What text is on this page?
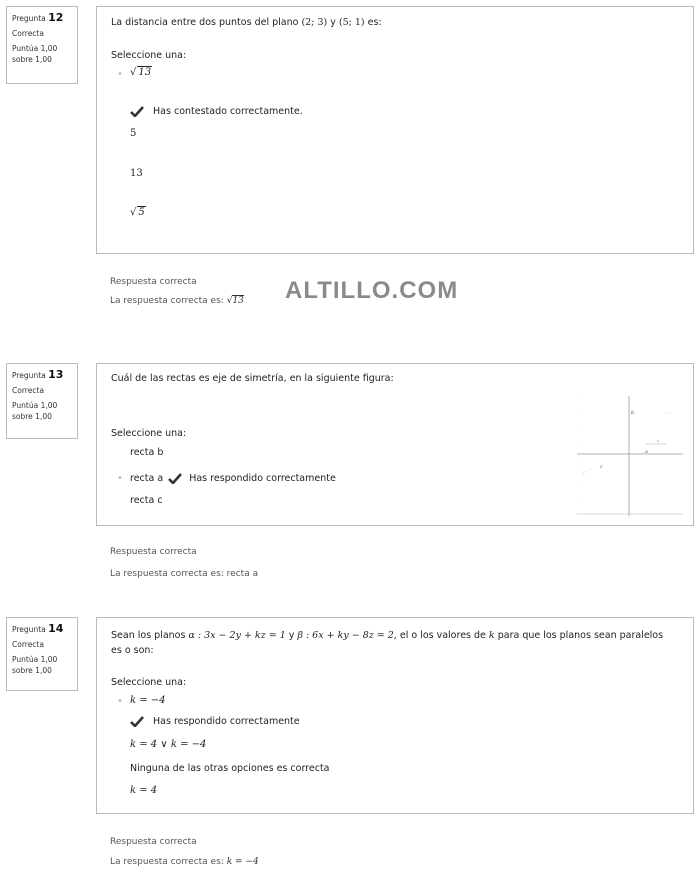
Pregunta 12
Correcta
Puntúa 1,00
sobre 1,00
La distancia entre dos puntos del plano (2; 3) y (5; 1) es:
Seleccione una:
• √ 13
Has contestado correctamente.
5
13
√ 5
Respuesta correcta
La respuesta correcta es: √13 ALTILLO.COM
Pregunta 13
Correcta
Puntúa 1,00
sobre 1,00
Cuál de las rectas es eje de simetría, en la siguiente figura:
Seleccione una:
recta b
• recta a	Has respondido correctamente
recta c
b
a
c
Respuesta correcta
La respuesta correcta es: recta a
Pregunta 14
Correcta
Puntúa 1,00
sobre 1,00
Sean los planos α : 3x − 2y + kz = 1 y β : 6x + ky − 8z = 2, el o los valores de k para que los planos sean paralelos
es o son:
Seleccione una:
• k = −4
Has respondido correctamente
k = 4 ∨ k = −4
Ninguna de las otras opciones es correcta
k = 4
Respuesta correcta
La respuesta correcta es: k = −4
